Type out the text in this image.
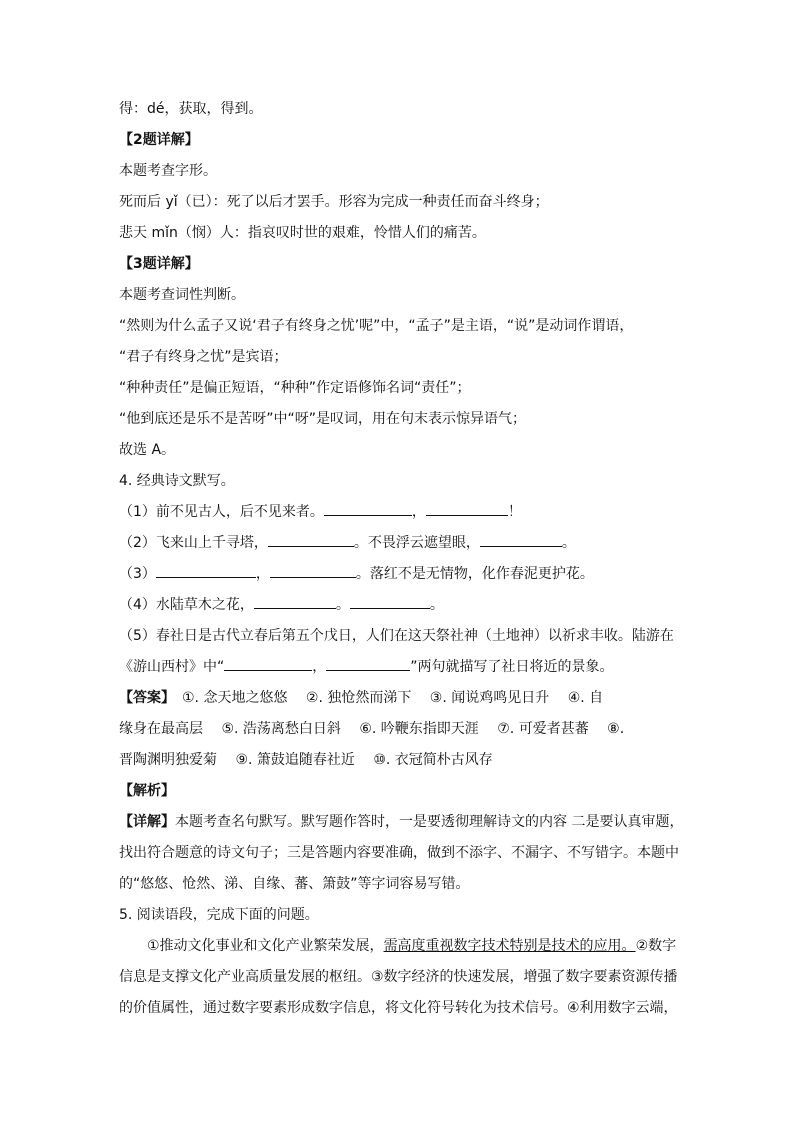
得：dé，获取，得到。
【2题详解】
本题考查字形。
死而后 yǐ（已）：死了以后才罢手。形容为完成一种责任而奋斗终身；
悲天 mǐn（悯）人：指哀叹时世的艰难，怜惜人们的痛苦。
【3题详解】
本题考查词性判断。
“然则为什么孟子又说‘君子有终身之忧’呢”中，“孟子”是主语，“说”是动词作谓语，
“君子有终身之忧”是宾语；
“种种责任”是偏正短语，“种种”作定语修饰名词“责任”；
“他到底还是乐不是苦呀”中“呀”是叹词，用在句末表示惊异语气；
故选 A。
4. 经典诗文默写。
（1）前不见古人，后不见来者。	，	！
（2）飞来山上千寻塔，	。不畏浮云遮望眼，	。
（3）	，	。落红不是无情物，化作春泥更护花。
（4）水陆草木之花，	。	。
（5）春社日是古代立春后第五个戊日，人们在这天祭社神（土地神）以祈求丰收。陆游在
《游山西村》中“	，	”两句就描写了社日将近的景象。
【答案】　 ①. 念天地之悠悠　 ②. 独怆然而涕下　 ③. 闻说鸡鸣见日升　 ④. 自
缘身在最高层　 ⑤. 浩荡离愁白日斜　 ⑥. 吟鞭东指即天涯　 ⑦. 可爱者甚蕃　 ⑧.
晋陶渊明独爱菊　 ⑨. 箫鼓追随春社近　 ⑩. 衣冠简朴古风存
【解析】
【详解】本题考查名句默写。默写题作答时，一是要透彻理解诗文的内容 二是要认真审题，
找出符合题意的诗文句子；三是答题内容要准确，做到不添字、不漏字、不写错字。本题中
的“悠悠、怆然、涕、自缘、蕃、箫鼓”等字词容易写错。
5. 阅读语段，完成下面的问题。
①推动文化事业和文化产业繁荣发展，需高度重视数字技术特别是技术的应用。②数字
信息是支撑文化产业高质量发展的枢纽。③数字经济的快速发展，增强了数字要素资源传播
的价值属性，通过数字要素形成数字信息，将文化符号转化为技术信号。④利用数字云端，
